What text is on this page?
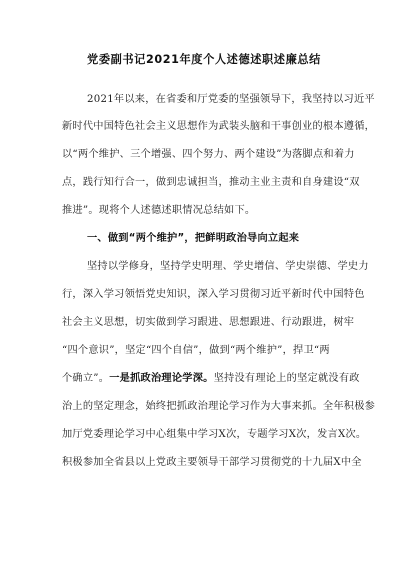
党委副书记2021年度个人述德述职述廉总结
2021年以来，在省委和厅党委的坚强领导下，我坚持以习近平
新时代中国特色社会主义思想作为武装头脑和干事创业的根本遵循，
以“两个维护、三个增强、四个努力、两个建设”为落脚点和着力
点，践行知行合一，做到忠诚担当，推动主业主责和自身建设“双
推进”。现将个人述德述职情况总结如下。
一、做到“两个维护”，把鲜明政治导向立起来
坚持以学修身，坚持学史明理、学史增信、学史崇德、学史力
行，深入学习领悟党史知识，深入学习贯彻习近平新时代中国特色
社会主义思想，切实做到学习跟进、思想跟进、行动跟进，树牢
“四个意识”，坚定“四个自信”，做到“两个维护”，捍卫“两
个确立”。一是抓政治理论学深。坚持没有理论上的坚定就没有政
治上的坚定理念，始终把抓政治理论学习作为大事来抓。全年积极参
加厅党委理论学习中心组集中学习X次，专题学习X次，发言X次。
积极参加全省县以上党政主要领导干部学习贯彻党的十九届X中全
